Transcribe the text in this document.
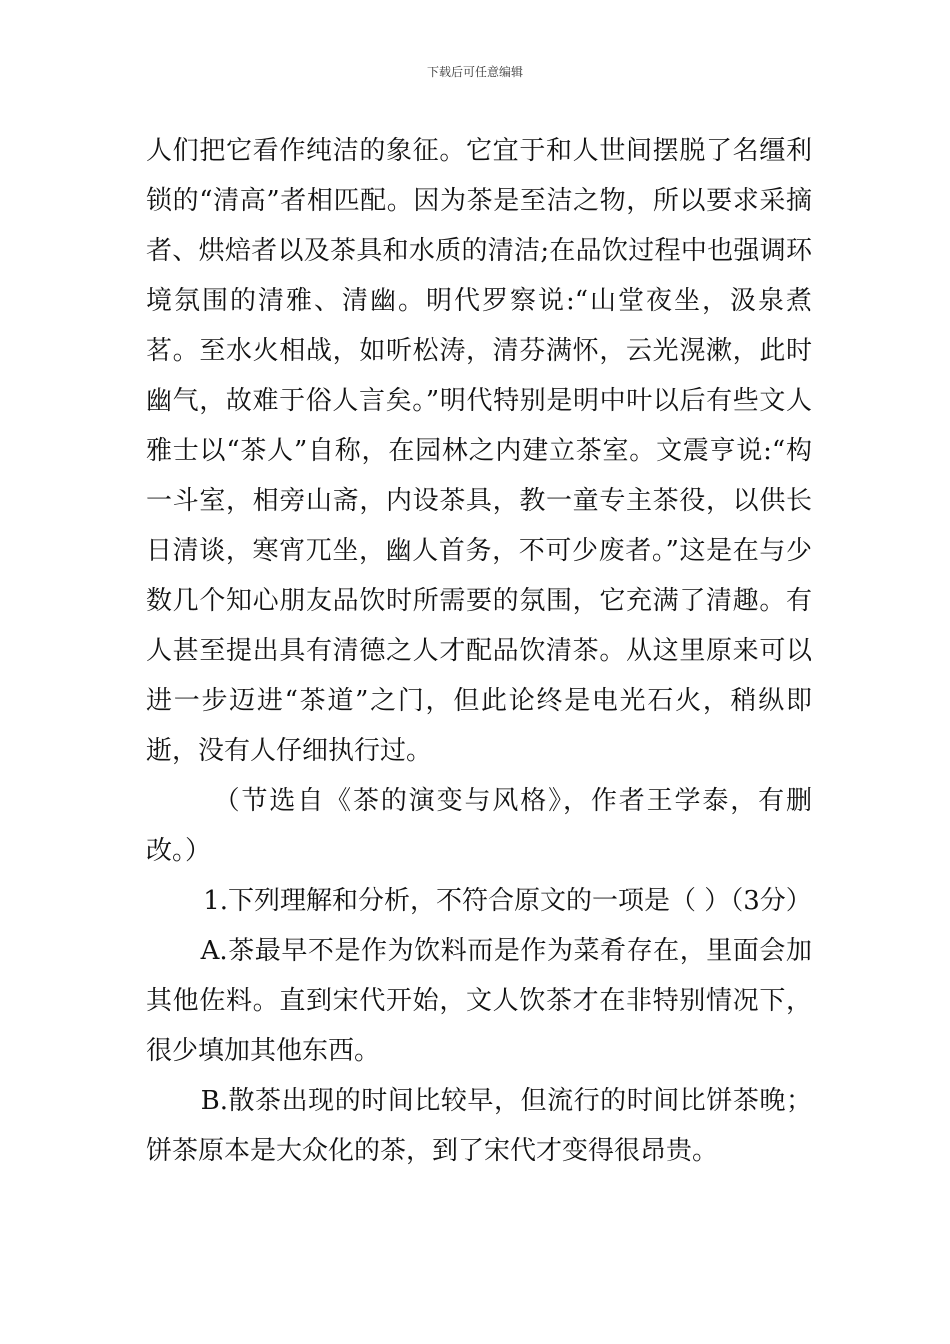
下载后可任意编辑

人们把它看作纯洁的象征。它宜于和人世间摆脱了名缰利锁的“清高”者相匹配。因为茶是至洁之物，所以要求采摘者、烘焙者以及茶具和水质的清洁;在品饮过程中也强调环境氛围的清雅、清幽。明代罗察说:“山堂夜坐，汲泉煮茗。至水火相战，如听松涛，清芬满怀，云光滉漱，此时幽气，故难于俗人言矣。”明代特别是明中叶以后有些文人雅士以“茶人”自称，在园林之内建立茶室。文震亨说:“构一斗室，相旁山斋，内设茶具，教一童专主茶役，以供长日清谈，寒宵兀坐，幽人首务，不可少废者。”这是在与少数几个知心朋友品饮时所需要的氛围，它充满了清趣。有人甚至提出具有清德之人才配品饮清茶。从这里原来可以进一步迈进“茶道”之门，但此论终是电光石火，稍纵即逝，没有人仔细执行过。

（节选自《茶的演变与风格》，作者王学泰，有删改。）

1.下列理解和分析，不符合原文的一项是（ ）（3分）

A.茶最早不是作为饮料而是作为菜肴存在，里面会加其他佐料。直到宋代开始，文人饮茶才在非特别情况下，很少填加其他东西。

B.散茶出现的时间比较早，但流行的时间比饼茶晚；饼茶原本是大众化的茶，到了宋代才变得很昂贵。
